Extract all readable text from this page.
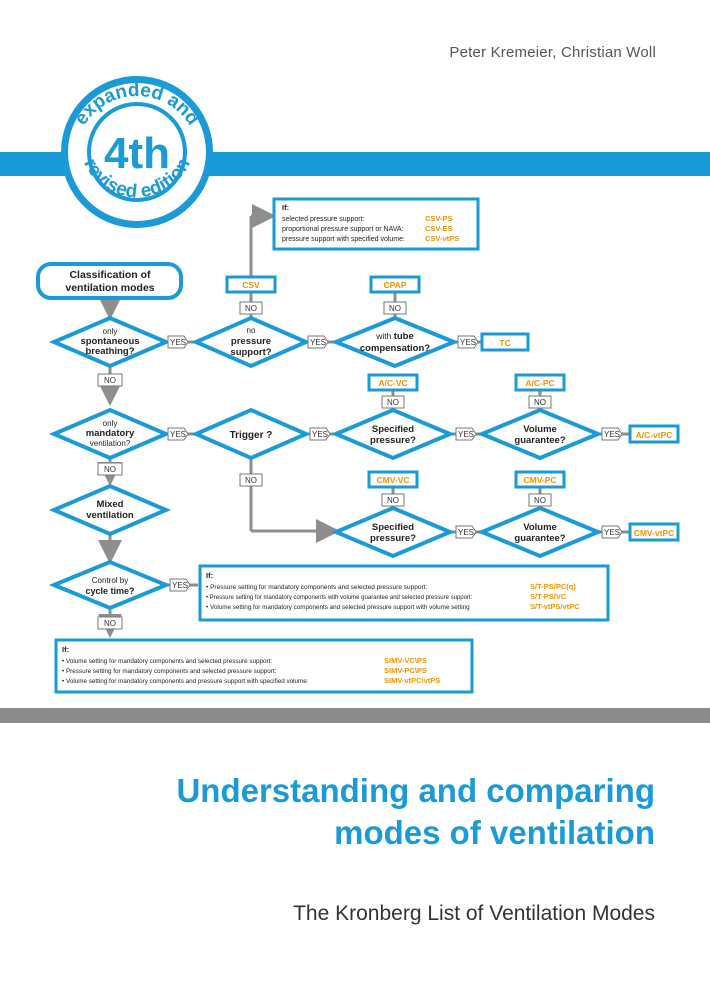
Peter Kremeier, Christian Woll
expanded and
revised edition
4th
Classification of
ventilation modes
only
spontaneous
breathing?
only
mandatory
ventilation?
Mixed
ventilation
Control by
cycle time?
no
pressure
support?
with tube
compensation?
Trigger ?
Specified
pressure?
Volume
guarantee?
Specified
pressure?
Volume
guarantee?
YES	YES	YES
YES	YES	YES	YES
YES	YES
YES
NO
NO
NO
NO	NO
NO	NO
NO
NO	NO
CSV	CPAP
TC
A/C-VC	A/C-PC
A/C-vtPC
CMV-VC	CMV-PC
CMV-vtPC
If:
selected pressure support:	CSV-PS
proportional pressure support or NAVA:	CSV-ES
pressure support with specified volume:	CSV-vtPS
If:
• Pressure setting for mandatory components and selected pressure support:	S/T-PS/PC(q)
• Pressure setting for mandatory components with volume guarantee and selected pressure support:	S/T-PS/VC
• Volume setting for mandatory components and selected pressure support with volume setting	S/T-vtPS/vtPC
If:
• Volume setting for mandatory components and selected pressure support:	SIMV-VC\PS
• Pressure setting for mandatory components and selected pressure support:	SIMV-PC\PS
• Volume setting for mandatory components and pressure support with specified volume:	SIMV-vtPC\vtPS
Understanding and comparing
modes of ventilation
The Kronberg List of Ventilation Modes
